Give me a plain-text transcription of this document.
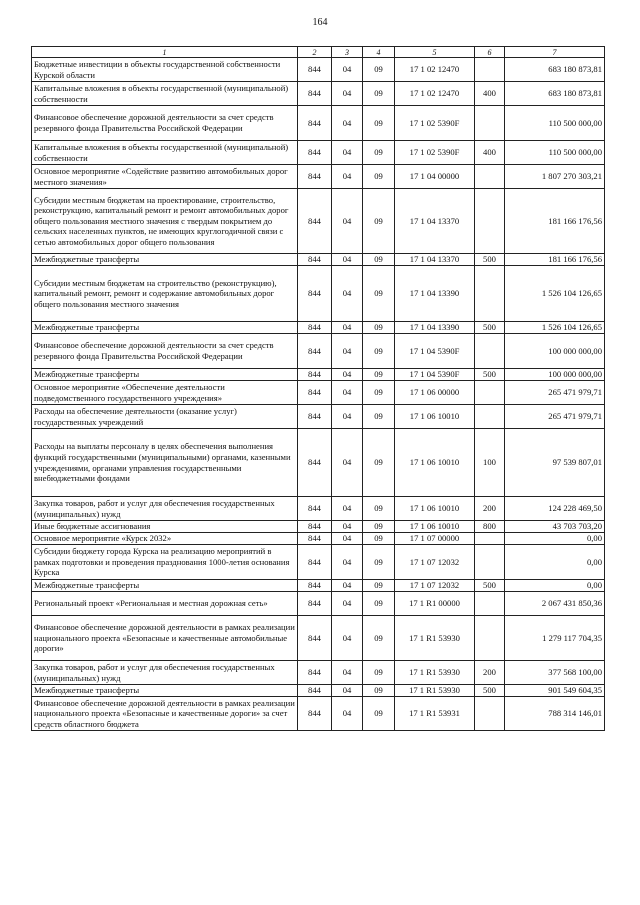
164
1	2	3	4	5	6	7
Бюджетные инвестиции в объекты государственной собственности Курской области	844	04	09	17 1 02 12470		683 180 873,81
Капитальные вложения в объекты государственной (муниципальной) собственности	844	04	09	17 1 02 12470	400	683 180 873,81
Финансовое обеспечение дорожной деятельности за счет средств резервного фонда Правительства Российской Федерации	844	04	09	17 1 02 5390F		110 500 000,00
Капитальные вложения в объекты государственной (муниципальной) собственности	844	04	09	17 1 02 5390F	400	110 500 000,00
Основное мероприятие «Содействие развитию автомобильных дорог местного значения»	844	04	09	17 1 04 00000		1 807 270 303,21
Субсидии местным бюджетам на проектирование, строительство, реконструкцию, капитальный ремонт и ремонт автомобильных дорог общего пользования местного значения с твердым покрытием до сельских населенных пунктов, не имеющих круглогодичной связи с сетью автомобильных дорог общего пользования	844	04	09	17 1 04 13370		181 166 176,56
Межбюджетные трансферты	844	04	09	17 1 04 13370	500	181 166 176,56
Субсидии местным бюджетам на строительство (реконструкцию), капитальный ремонт, ремонт и содержание автомобильных дорог общего пользования местного значения	844	04	09	17 1 04 13390		1 526 104 126,65
Межбюджетные трансферты	844	04	09	17 1 04 13390	500	1 526 104 126,65
Финансовое обеспечение дорожной деятельности за счет средств резервного фонда Правительства Российской Федерации	844	04	09	17 1 04 5390F		100 000 000,00
Межбюджетные трансферты	844	04	09	17 1 04 5390F	500	100 000 000,00
Основное мероприятие «Обеспечение деятельности подведомственного государственного учреждения»	844	04	09	17 1 06 00000		265 471 979,71
Расходы на обеспечение деятельности (оказание услуг) государственных учреждений	844	04	09	17 1 06 10010		265 471 979,71
Расходы на выплаты персоналу в целях обеспечения выполнения функций государственными (муниципальными) органами, казенными учреждениями, органами управления государственными внебюджетными фондами	844	04	09	17 1 06 10010	100	97 539 807,01
Закупка товаров, работ и услуг для обеспечения государственных (муниципальных) нужд	844	04	09	17 1 06 10010	200	124 228 469,50
Иные бюджетные ассигнования	844	04	09	17 1 06 10010	800	43 703 703,20
Основное мероприятие «Курск 2032»	844	04	09	17 1 07 00000		0,00
Субсидии бюджету города Курска на реализацию мероприятий в рамках подготовки и проведения празднования 1000-летия основания Курска	844	04	09	17 1 07 12032		0,00
Межбюджетные трансферты	844	04	09	17 1 07 12032	500	0,00
Региональный проект «Региональная и местная дорожная сеть»	844	04	09	17 1 R1 00000		2 067 431 850,36
Финансовое обеспечение дорожной деятельности в рамках реализации национального проекта «Безопасные и качественные автомобильные дороги»	844	04	09	17 1 R1 53930		1 279 117 704,35
Закупка товаров, работ и услуг для обеспечения государственных (муниципальных) нужд	844	04	09	17 1 R1 53930	200	377 568 100,00
Межбюджетные трансферты	844	04	09	17 1 R1 53930	500	901 549 604,35
Финансовое обеспечение дорожной деятельности в рамках реализации национального проекта «Безопасные и качественные дороги» за счет средств областного бюджета	844	04	09	17 1 R1 53931		788 314 146,01
